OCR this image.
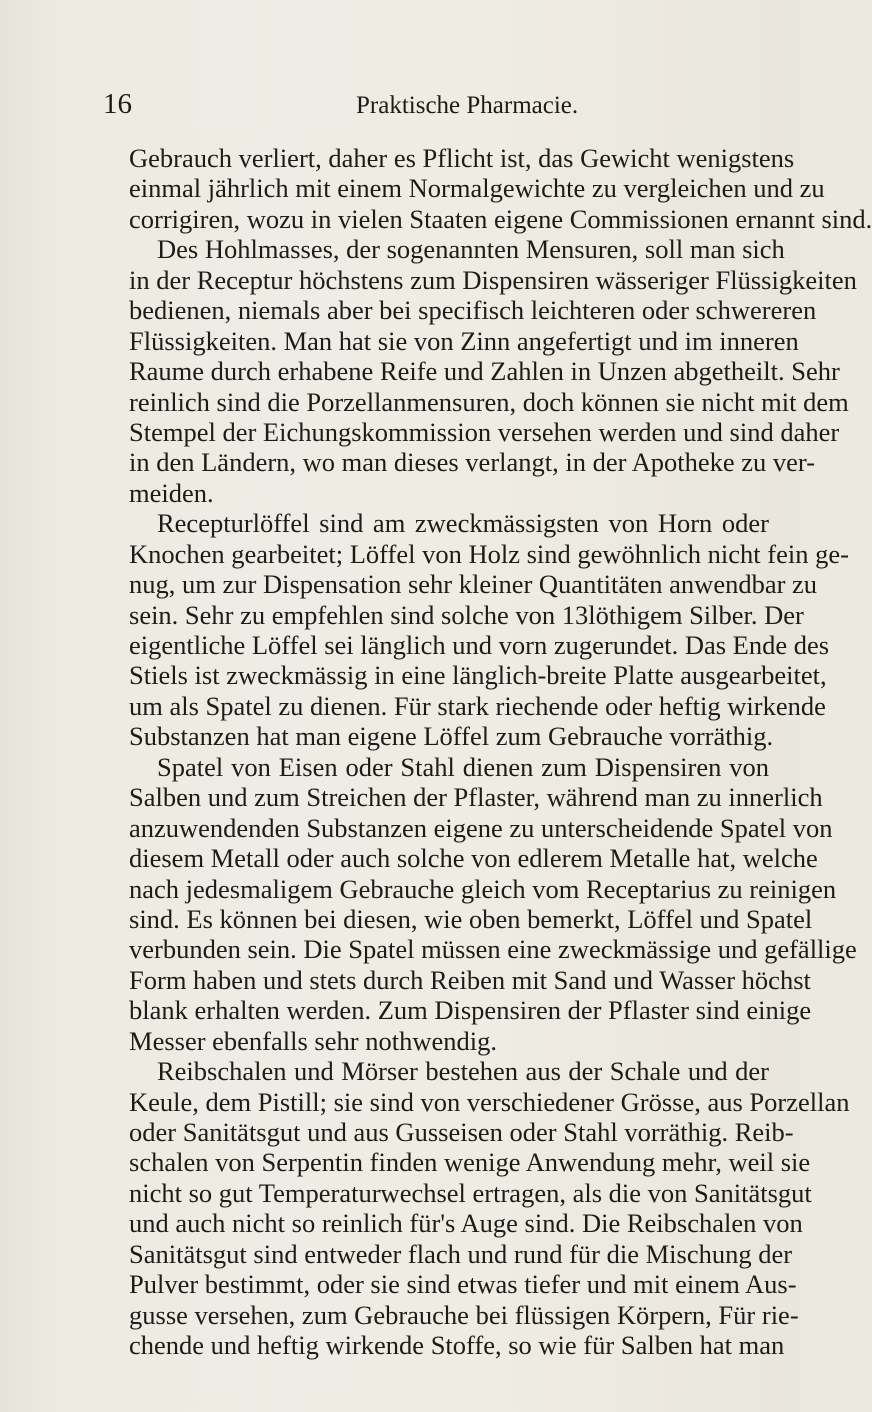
16	Praktische Pharmacie.
Gebrauch verliert, daher es Pflicht ist, das Gewicht wenigstens
einmal jährlich mit einem Normalgewichte zu vergleichen und zu
corrigiren, wozu in vielen Staaten eigene Commissionen ernannt sind.
Des Hohlmasses, der sogenannten Mensuren, soll man sich
in der Receptur höchstens zum Dispensiren wässeriger Flüssigkeiten
bedienen, niemals aber bei specifisch leichteren oder schwereren
Flüssigkeiten. Man hat sie von Zinn angefertigt und im inneren
Raume durch erhabene Reife und Zahlen in Unzen abgetheilt. Sehr
reinlich sind die Porzellanmensuren, doch können sie nicht mit dem
Stempel der Eichungskommission versehen werden und sind daher
in den Ländern, wo man dieses verlangt, in der Apotheke zu ver-
meiden.
Recepturlöffel sind am zweckmässigsten von Horn oder
Knochen gearbeitet; Löffel von Holz sind gewöhnlich nicht fein ge-
nug, um zur Dispensation sehr kleiner Quantitäten anwendbar zu
sein. Sehr zu empfehlen sind solche von 13löthigem Silber. Der
eigentliche Löffel sei länglich und vorn zugerundet. Das Ende des
Stiels ist zweckmässig in eine länglich-breite Platte ausgearbeitet,
um als Spatel zu dienen. Für stark riechende oder heftig wirkende
Substanzen hat man eigene Löffel zum Gebrauche vorräthig.
Spatel von Eisen oder Stahl dienen zum Dispensiren von
Salben und zum Streichen der Pflaster, während man zu innerlich
anzuwendenden Substanzen eigene zu unterscheidende Spatel von
diesem Metall oder auch solche von edlerem Metalle hat, welche
nach jedesmaligem Gebrauche gleich vom Receptarius zu reinigen
sind. Es können bei diesen, wie oben bemerkt, Löffel und Spatel
verbunden sein. Die Spatel müssen eine zweckmässige und gefällige
Form haben und stets durch Reiben mit Sand und Wasser höchst
blank erhalten werden. Zum Dispensiren der Pflaster sind einige
Messer ebenfalls sehr nothwendig.
Reibschalen und Mörser bestehen aus der Schale und der
Keule, dem Pistill; sie sind von verschiedener Grösse, aus Porzellan
oder Sanitätsgut und aus Gusseisen oder Stahl vorräthig. Reib-
schalen von Serpentin finden wenige Anwendung mehr, weil sie
nicht so gut Temperaturwechsel ertragen, als die von Sanitätsgut
und auch nicht so reinlich für's Auge sind. Die Reibschalen von
Sanitätsgut sind entweder flach und rund für die Mischung der
Pulver bestimmt, oder sie sind etwas tiefer und mit einem Aus-
gusse versehen, zum Gebrauche bei flüssigen Körpern, Für rie-
chende und heftig wirkende Stoffe, so wie für Salben hat man
